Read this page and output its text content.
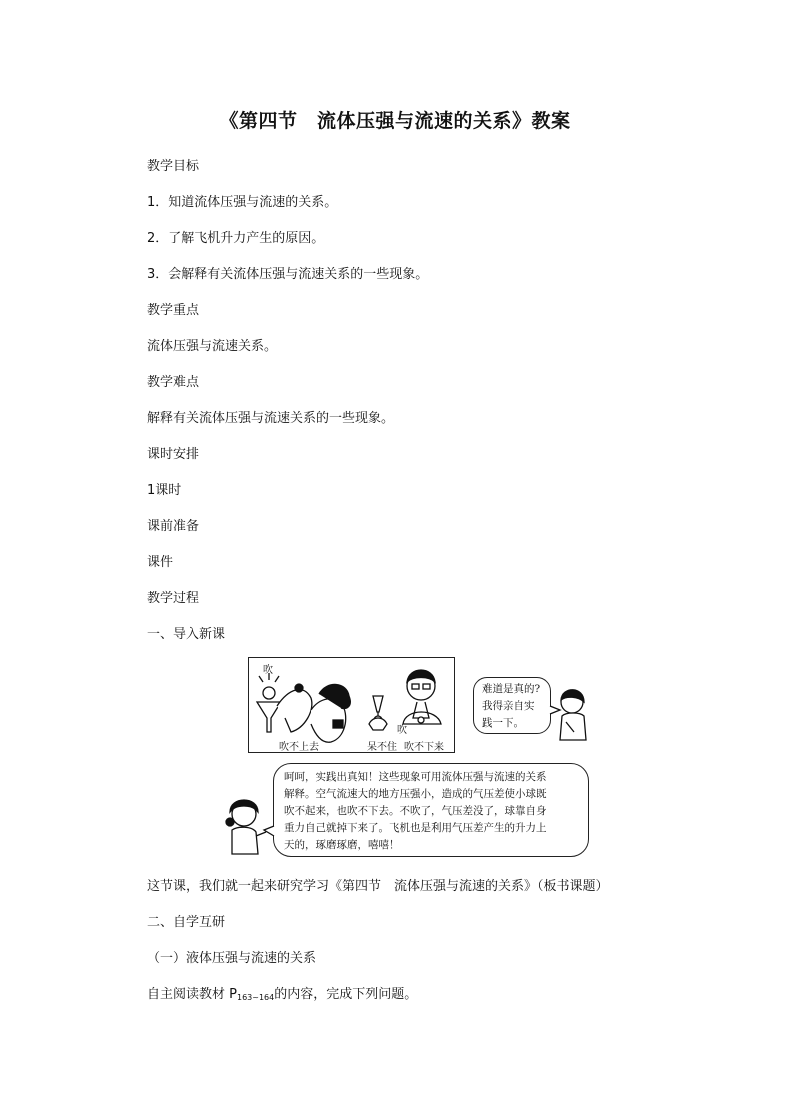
《第四节　流体压强与流速的关系》教案
教学目标
1．知道流体压强与流速的关系。
2．了解飞机升力产生的原因。
3．会解释有关流体压强与流速关系的一些现象。
教学重点
流体压强与流速关系。
教学难点
解释有关流体压强与流速关系的一些现象。
课时安排
1课时
课前准备
课件
教学过程
一、导入新课
吹
吹
吹不上去	呆不住 吹不下来
难道是真的?
我得亲自实
践一下。
呵呵，实践出真知！这些现象可用流体压强与流速的关系
解释。空气流速大的地方压强小，造成的气压差使小球既
吹不起来，也吹不下去。不吹了，气压差没了，球靠自身
重力自己就掉下来了。飞机也是利用气压差产生的升力上
天的，琢磨琢磨，嘻嘻！
这节课，我们就一起来研究学习《第四节　流体压强与流速的关系》（板书课题）
二、自学互研
（一）液体压强与流速的关系
自主阅读教材 $P_{163\sim 164}$的内容，完成下列问题。
